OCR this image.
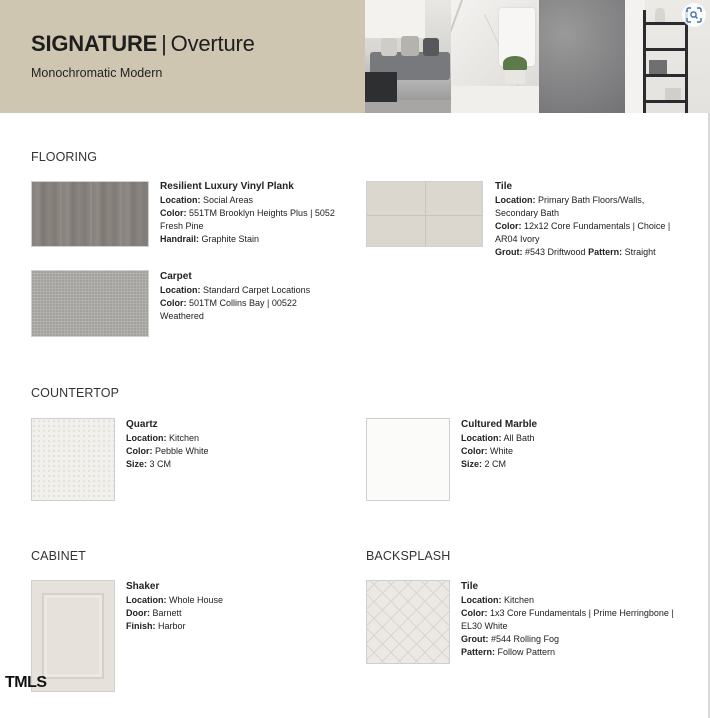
SIGNATURE | Overture
Monochromatic Modern
FLOORING
Resilient Luxury Vinyl Plank
Location: Social Areas
Color: 551TM Brooklyn Heights Plus | 5052 Fresh Pine
Handrail: Graphite Stain
Tile
Location: Primary Bath Floors/Walls, Secondary Bath
Color: 12x12 Core Fundamentals | Choice | AR04 Ivory
Grout: #543 Driftwood Pattern: Straight
Carpet
Location: Standard Carpet Locations
Color: 501TM Collins Bay | 00522 Weathered
COUNTERTOP
Quartz
Location: Kitchen
Color: Pebble White
Size: 3 CM
Cultured Marble
Location: All Bath
Color: White
Size: 2 CM
CABINET
Shaker
Location: Whole House
Door: Barnett
Finish: Harbor
BACKSPLASH
Tile
Location: Kitchen
Color: 1x3 Core Fundamentals | Prime Herringbone | EL30 White
Grout: #544 Rolling Fog
Pattern: Follow Pattern
TMLS
